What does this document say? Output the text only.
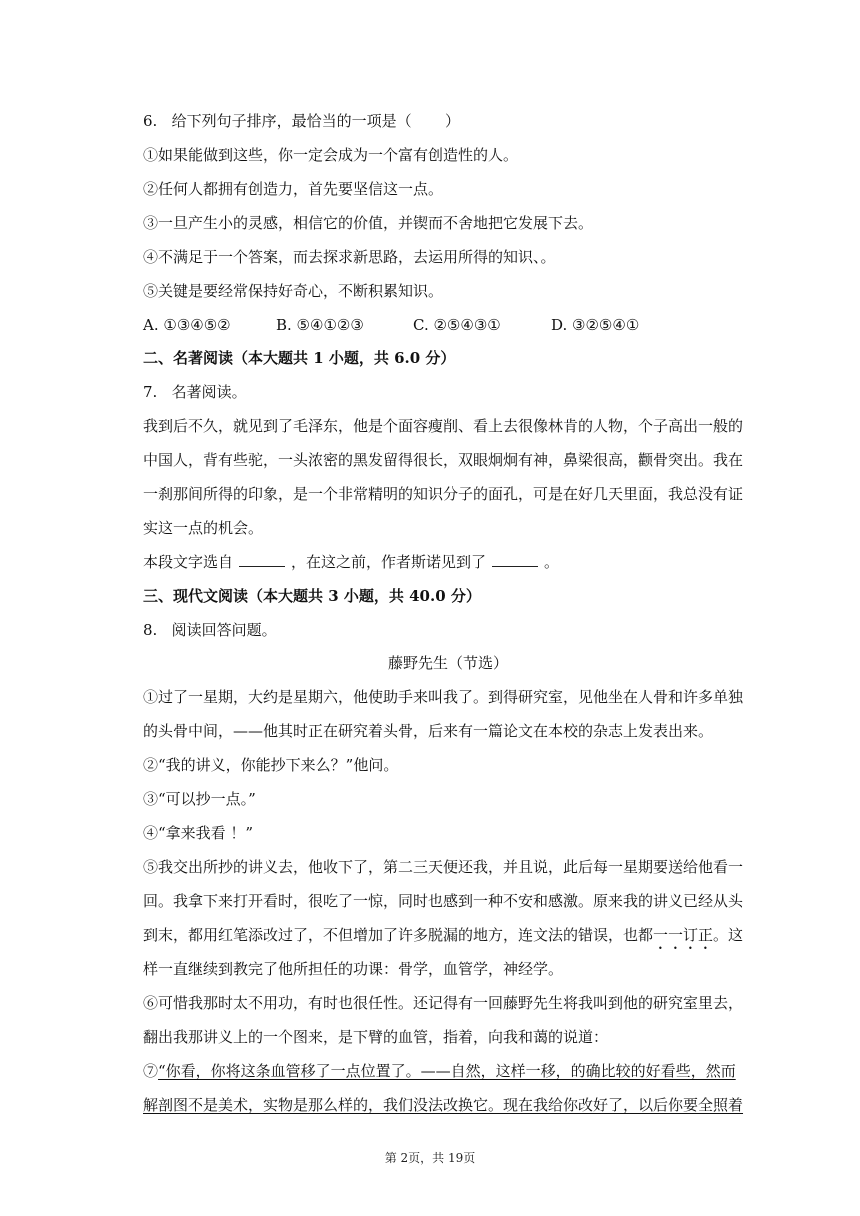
6.   给下列句子排序，最恰当的一项是（       ）
①如果能做到这些，你一定会成为一个富有创造性的人。
②任何人都拥有创造力，首先要坚信这一点。
③一旦产生小的灵感，相信它的价值，并锲而不舍地把它发展下去。
④不满足于一个答案，而去探求新思路，去运用所得的知识、。
⑤关键是要经常保持好奇心，不断积累知识。
A. ①③④⑤②	B. ⑤④①②③	C. ②⑤④③①	D. ③②⑤④①
二、名著阅读（本大题共 1 小题，共 6.0 分）
7.   名著阅读。
我到后不久，就见到了毛泽东，他是个面容瘦削、看上去很像林肯的人物，个子高出一般的
中国人，背有些驼，一头浓密的黑发留得很长，双眼炯炯有神，鼻梁很高，颧骨突出。我在
一刹那间所得的印象，是一个非常精明的知识分子的面孔，可是在好几天里面，我总没有证
实这一点的机会。
本段文字选自	，在这之前，作者斯诺见到了	。
三、现代文阅读（本大题共 3 小题，共 40.0 分）
8.   阅读回答问题。
藤野先生（节选）
①过了一星期，大约是星期六，他使助手来叫我了。到得研究室，见他坐在人骨和许多单独
的头骨中间，——他其时正在研究着头骨，后来有一篇论文在本校的杂志上发表出来。
②“我的讲义，你能抄下来么？”他问。
③“可以抄一点。”
④“拿来我看 ！”
⑤我交出所抄的讲义去，他收下了，第二三天便还我，并且说，此后每一星期要送给他看一
回。我拿下来打开看时，很吃了一惊，同时也感到一种不安和感激。原来我的讲义已经从头
到末，都用红笔添改过了，不但增加了许多脱漏的地方，连文法的错误，也都一一订正。这
样一直继续到教完了他所担任的功课：骨学，血管学，神经学。
⑥可惜我那时太不用功，有时也很任性。还记得有一回藤野先生将我叫到他的研究室里去，
翻出我那讲义上的一个图来，是下臂的血管，指着，向我和蔼的说道：
⑦“你看，你将这条血管移了一点位置了。——自然，这样一移，的确比较的好看些，然而
解剖图不是美术，实物是那么样的，我们没法改换它。现在我给你改好了，以后你要全照着
第 2页，共 19页
